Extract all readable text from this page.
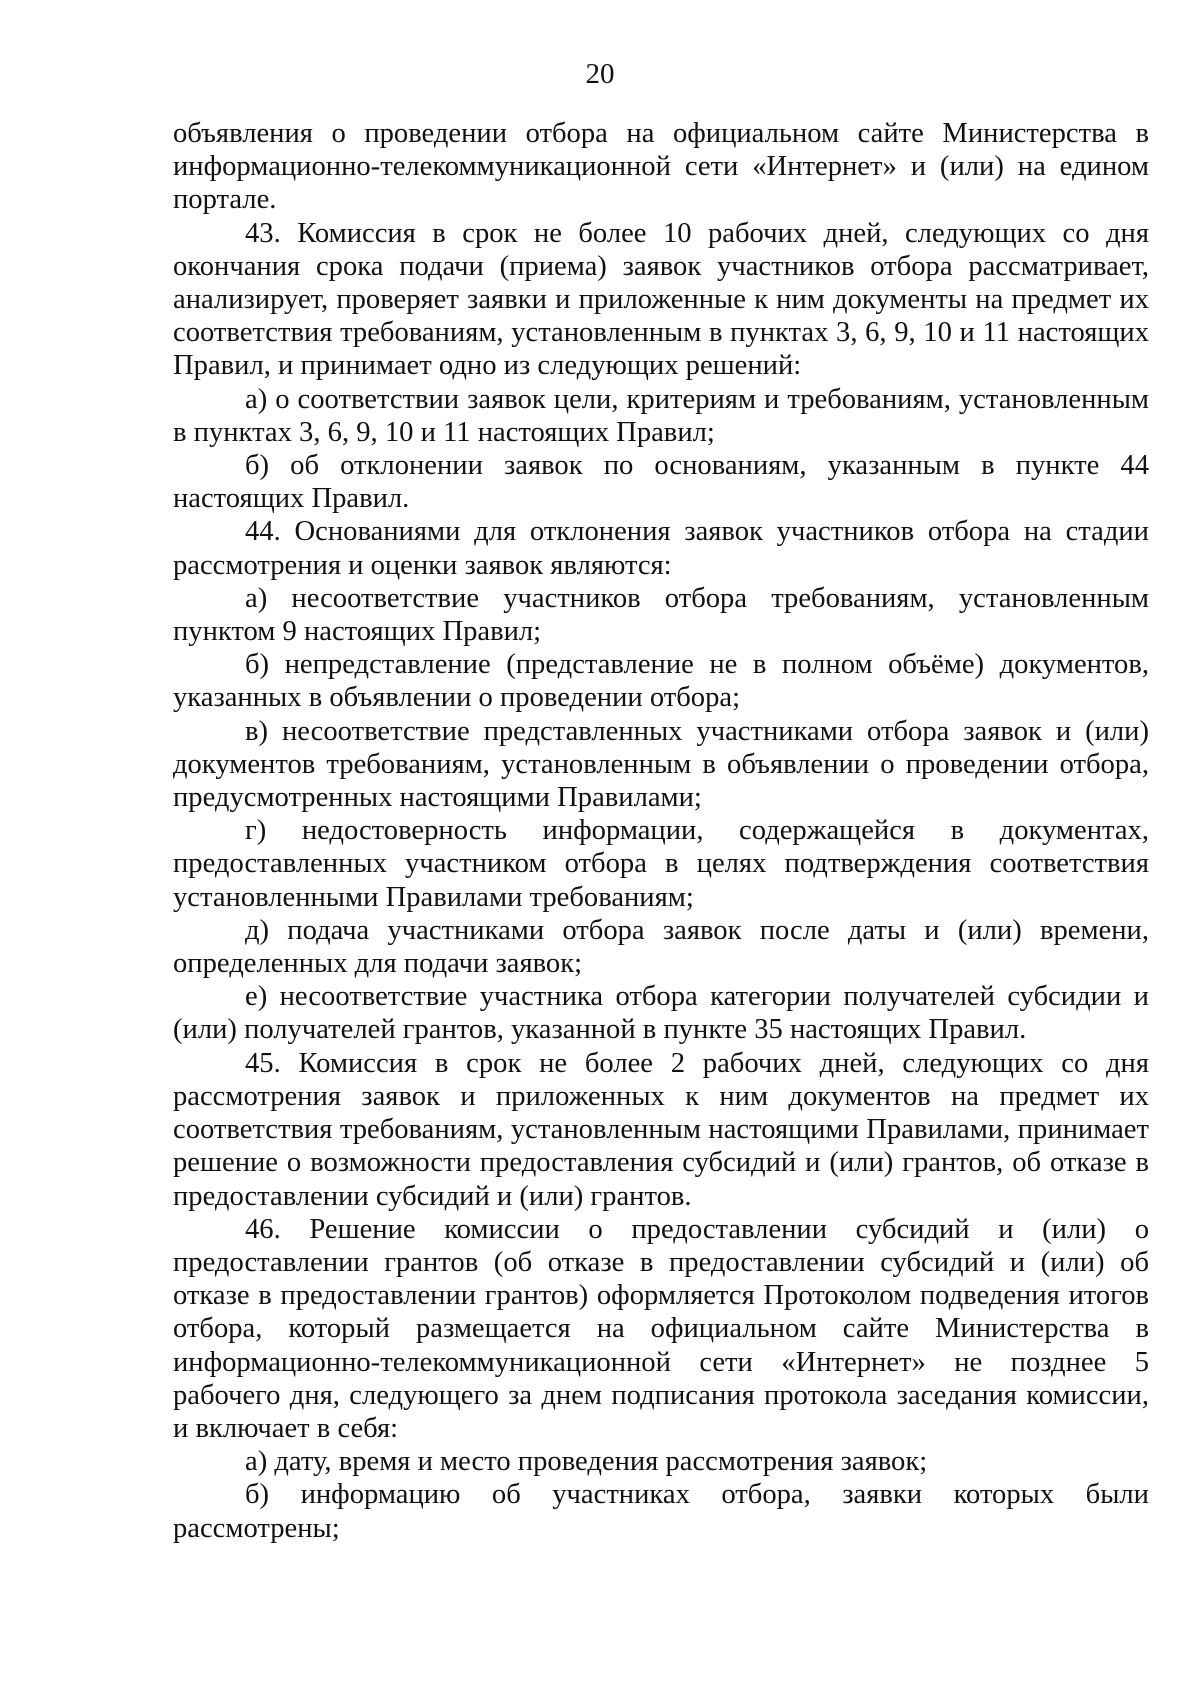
20
объявления о проведении отбора на официальном сайте Министерства в
информационно-телекоммуникационной сети «Интернет» и (или) на едином
портале.
43. Комиссия в срок не более 10 рабочих дней, следующих со дня
окончания срока подачи (приема) заявок участников отбора рассматривает,
анализирует, проверяет заявки и приложенные к ним документы на предмет их
соответствия требованиям, установленным в пунктах 3, 6, 9, 10 и 11 настоящих
Правил, и принимает одно из следующих решений:
а) о соответствии заявок цели, критериям и требованиям, установленным
в пунктах 3, 6, 9, 10 и 11 настоящих Правил;
б) об отклонении заявок по основаниям, указанным в пункте 44
настоящих Правил.
44. Основаниями для отклонения заявок участников отбора на стадии
рассмотрения и оценки заявок являются:
а) несоответствие участников отбора требованиям, установленным
пунктом 9 настоящих Правил;
б) непредставление (представление не в полном объёме) документов,
указанных в объявлении о проведении отбора;
в) несоответствие представленных участниками отбора заявок и (или)
документов требованиям, установленным в объявлении о проведении отбора,
предусмотренных настоящими Правилами;
г) недостоверность информации, содержащейся в документах,
предоставленных участником отбора в целях подтверждения соответствия
установленными Правилами требованиям;
д) подача участниками отбора заявок после даты и (или) времени,
определенных для подачи заявок;
е) несоответствие участника отбора категории получателей субсидии и
(или) получателей грантов, указанной в пункте 35 настоящих Правил.
45. Комиссия в срок не более 2 рабочих дней, следующих со дня
рассмотрения заявок и приложенных к ним документов на предмет их
соответствия требованиям, установленным настоящими Правилами, принимает
решение о возможности предоставления субсидий и (или) грантов, об отказе в
предоставлении субсидий и (или) грантов.
46. Решение комиссии о предоставлении субсидий и (или) о
предоставлении грантов (об отказе в предоставлении субсидий и (или) об
отказе в предоставлении грантов) оформляется Протоколом подведения итогов
отбора, который размещается на официальном сайте Министерства в
информационно-телекоммуникационной сети «Интернет» не позднее 5
рабочего дня, следующего за днем подписания протокола заседания комиссии,
и включает в себя:
а) дату, время и место проведения рассмотрения заявок;
б) информацию об участниках отбора, заявки которых были рассмотрены;
